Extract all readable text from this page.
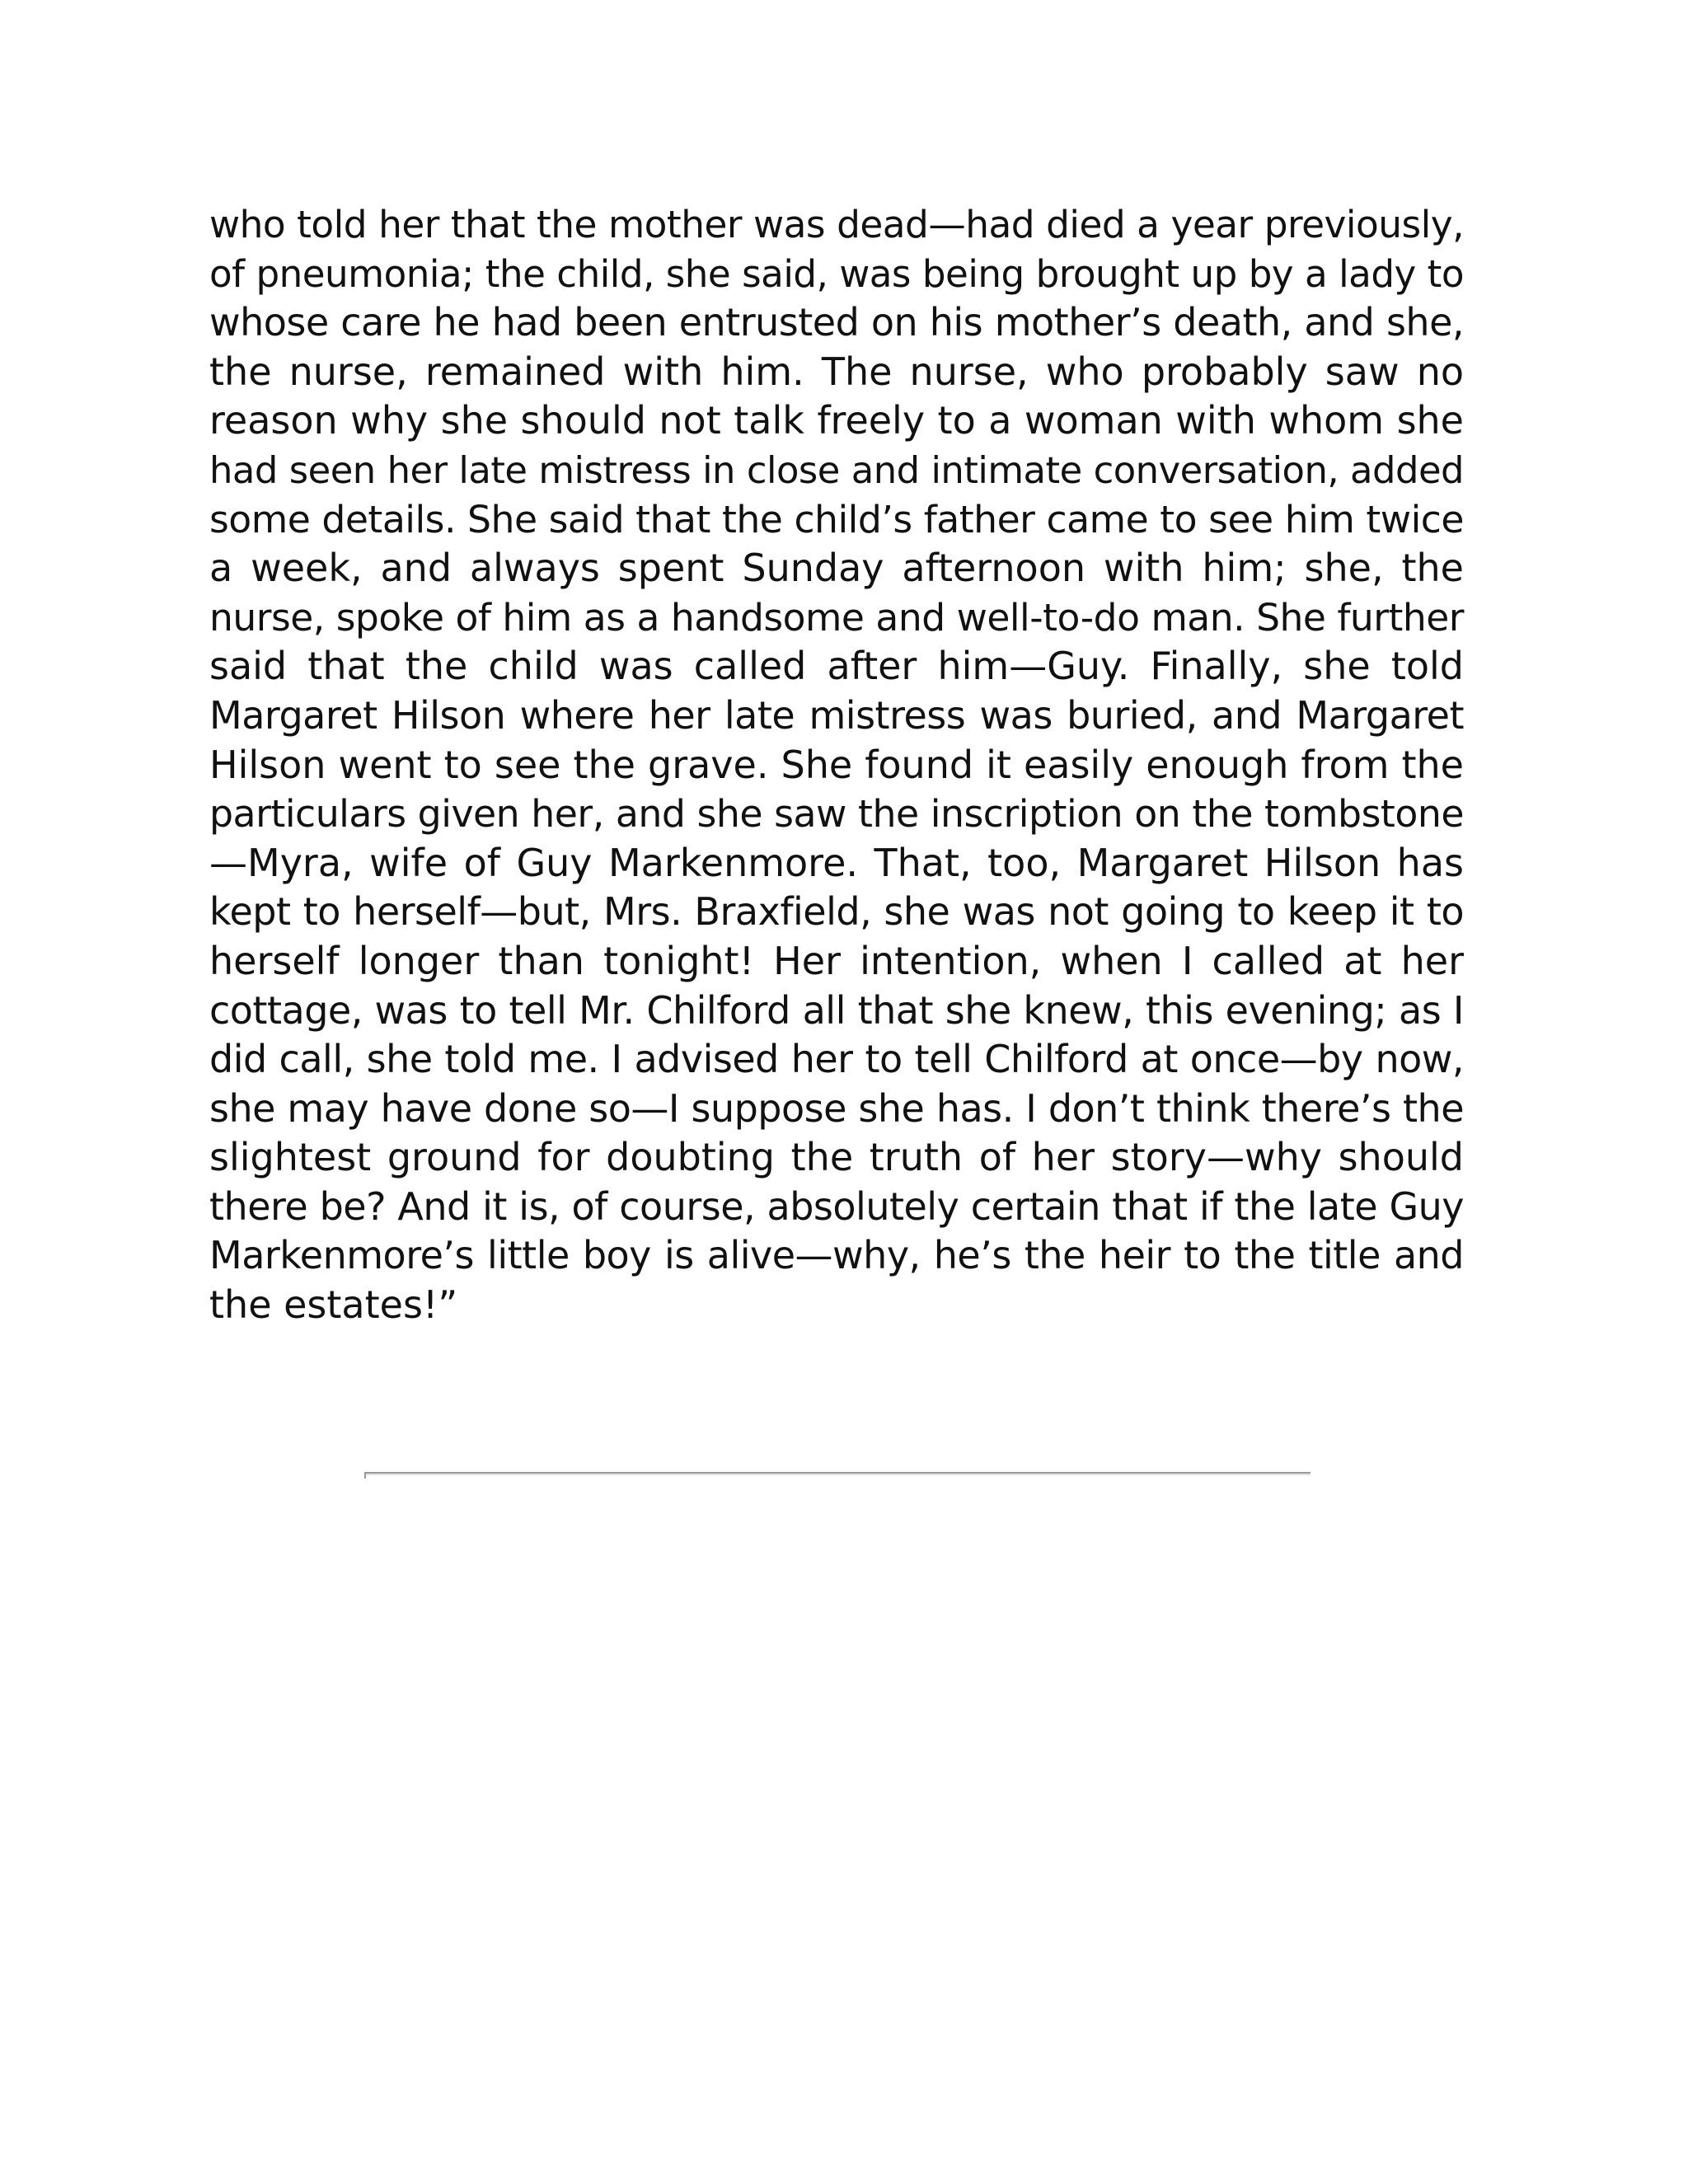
who told her that the mother was dead—had died a year previously,
of pneumonia; the child, she said, was being brought up by a lady to
whose care he had been entrusted on his mother’s death, and she,
the nurse, remained with him. The nurse, who probably saw no
reason why she should not talk freely to a woman with whom she
had seen her late mistress in close and intimate conversation, added
some details. She said that the child’s father came to see him twice
a week, and always spent Sunday afternoon with him; she, the
nurse, spoke of him as a handsome and well-to-do man. She further
said that the child was called after him—Guy. Finally, she told
Margaret Hilson where her late mistress was buried, and Margaret
Hilson went to see the grave. She found it easily enough from the
particulars given her, and she saw the inscription on the tombstone
—Myra, wife of Guy Markenmore. That, too, Margaret Hilson has
kept to herself—but, Mrs. Braxfield, she was not going to keep it to
herself longer than tonight! Her intention, when I called at her
cottage, was to tell Mr. Chilford all that she knew, this evening; as I
did call, she told me. I advised her to tell Chilford at once—by now,
she may have done so—I suppose she has. I don’t think there’s the
slightest ground for doubting the truth of her story—why should
there be? And it is, of course, absolutely certain that if the late Guy
Markenmore’s little boy is alive—why, he’s the heir to the title and
the estates!”
